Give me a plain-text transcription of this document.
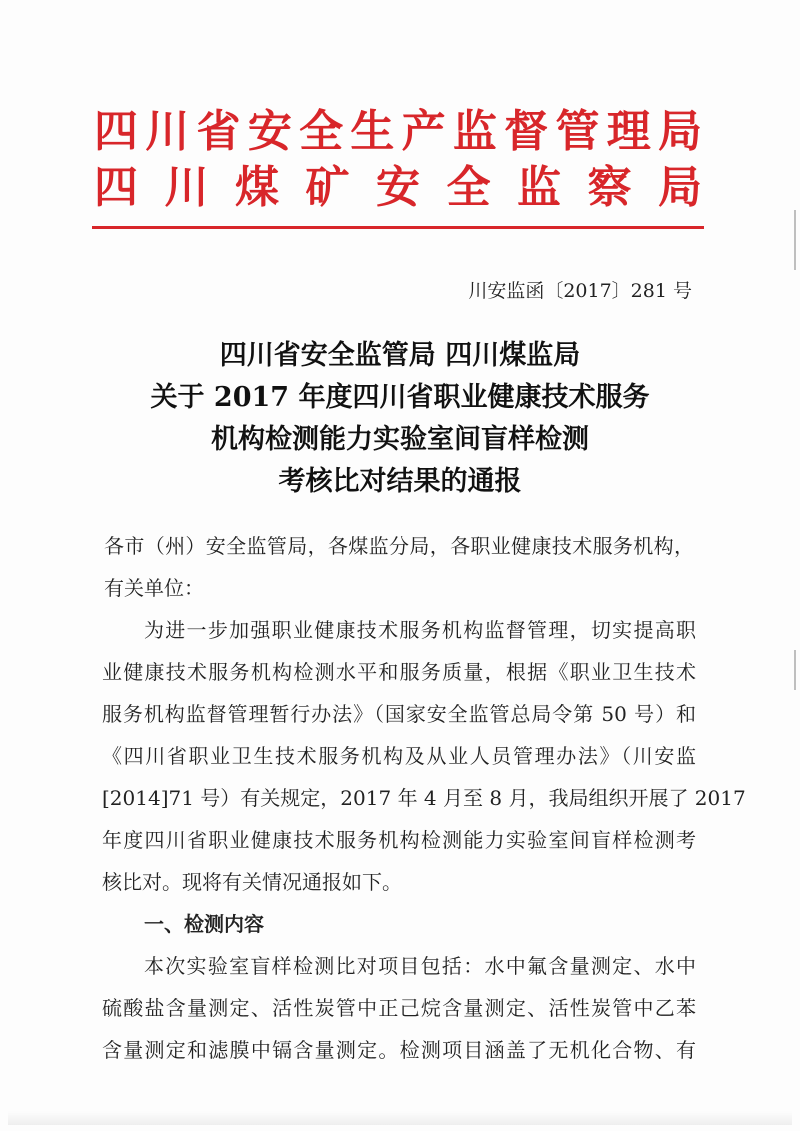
四川省安全生产监督管理局
四 川 煤 矿 安 全 监 察 局
川安监函〔2017〕281 号
四川省安全监管局 四川煤监局
关于 2017 年度四川省职业健康技术服务
机构检测能力实验室间盲样检测
考核比对结果的通报
各市（州）安全监管局，各煤监分局，各职业健康技术服务机构，
有关单位：
为进一步加强职业健康技术服务机构监督管理，切实提高职
业健康技术服务机构检测水平和服务质量，根据《职业卫生技术
服务机构监督管理暂行办法》（国家安全监管总局令第 50 号）和
《四川省职业卫生技术服务机构及从业人员管理办法》（川安监
[2014]71 号）有关规定，2017 年 4 月至 8 月，我局组织开展了 2017
年度四川省职业健康技术服务机构检测能力实验室间盲样检测考
核比对。现将有关情况通报如下。
一、检测内容
本次实验室盲样检测比对项目包括：水中氟含量测定、水中
硫酸盐含量测定、活性炭管中正己烷含量测定、活性炭管中乙苯
含量测定和滤膜中镉含量测定。检测项目涵盖了无机化合物、有
